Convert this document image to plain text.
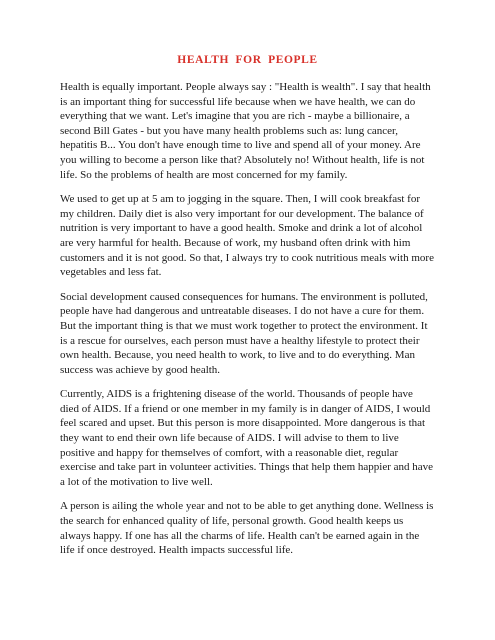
HEALTH FOR PEOPLE

Health is equally important. People always say : "Health is wealth". I say that health is an important thing for successful life because when we have health, we can do everything that we want. Let's imagine that you are rich - maybe a billionaire, a second Bill Gates - but you have many health problems such as: lung cancer, hepatitis B... You don't have enough time to live and spend all of your money. Are you willing to become a person like that? Absolutely no! Without health, life is not life. So the problems of health are most concerned for my family.

We used to get up at 5 am to jogging in the square. Then, I will cook breakfast for my children. Daily diet is also very important for our development. The balance of nutrition is very important to have a good health. Smoke and drink a lot of alcohol are very harmful for health. Because of work, my husband often drink with him customers and it is not good. So that, I always try to cook nutritious meals with more vegetables and less fat.

Social development caused consequences for humans. The environment is polluted, people have had dangerous and untreatable diseases. I do not have a cure for them. But the important thing is that we must work together to protect the environment. It is a rescue for ourselves, each person must have a healthy lifestyle to protect their own health. Because, you need health to work, to live and to do everything. Man success was achieve by good health.

Currently, AIDS is a frightening disease of the world. Thousands of people have died of AIDS. If a friend or one member in my family is in danger of AIDS, I would feel scared and upset. But this person is more disappointed. More dangerous is that they want to end their own life because of AIDS. I will advise to them to live positive and happy for themselves of comfort, with a reasonable diet, regular exercise and take part in volunteer activities. Things that help them happier and have a lot of the motivation to live well.

A person is ailing the whole year and not to be able to get anything done. Wellness is the search for enhanced quality of life, personal growth. Good health keeps us always happy. If one has all the charms of life. Health can't be earned again in the life if once destroyed. Health impacts successful life.
